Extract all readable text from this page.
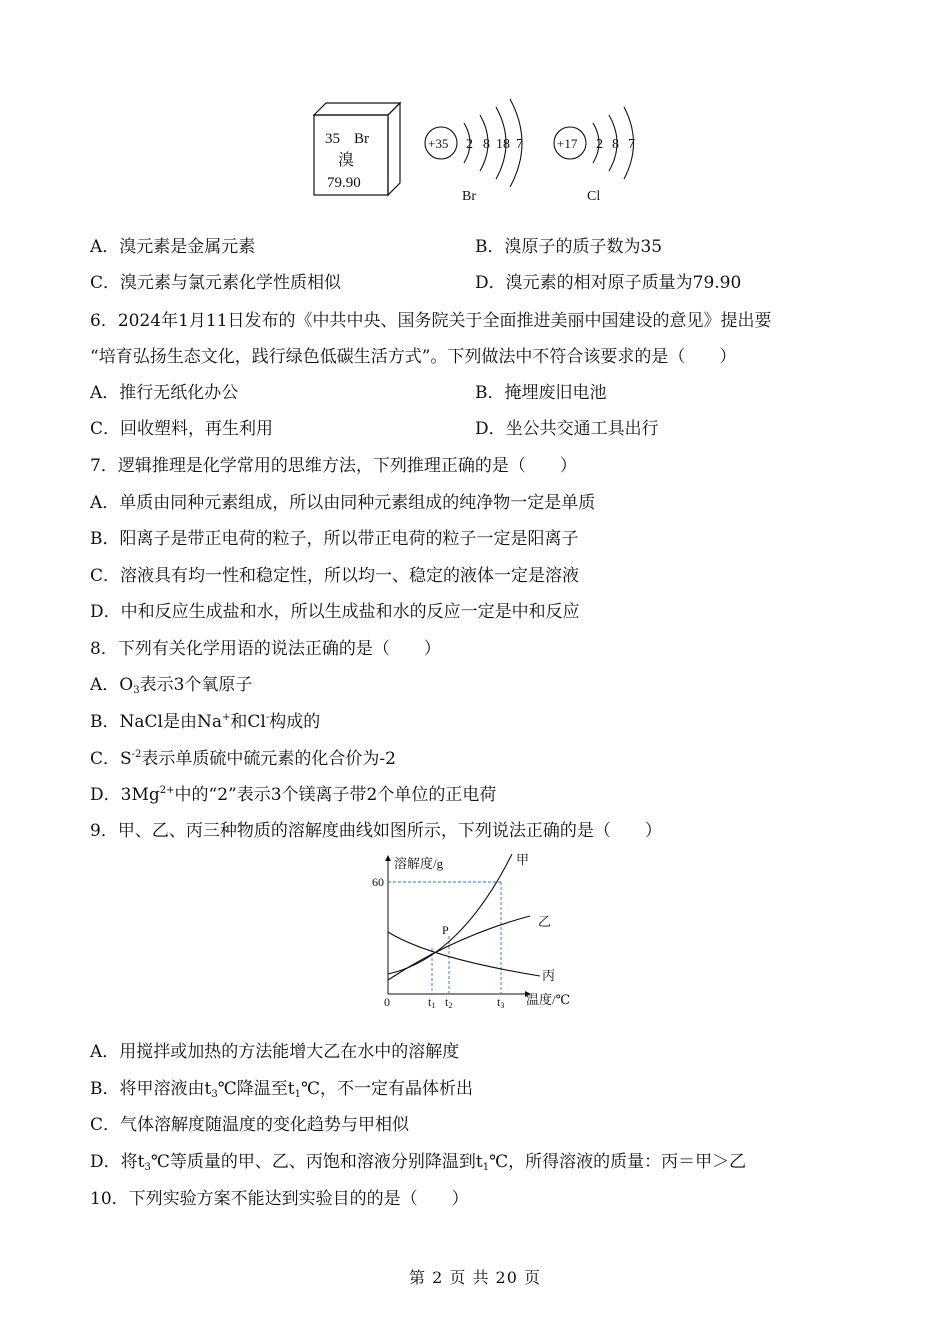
35 Br
溴
79.90
+35 2 8 18 7
Br
+17 2 8 7
Cl
A．溴元素是金属元素	B．溴原子的质子数为35
C．溴元素与氯元素化学性质相似	D．溴元素的相对原子质量为79.90
6．2024年1月11日发布的《中共中央、国务院关于全面推进美丽中国建设的意见》提出要
“培育弘扬生态文化，践行绿色低碳生活方式”。下列做法中不符合该要求的是（　　）
A．推行无纸化办公	B．掩埋废旧电池
C．回收塑料，再生利用	D．坐公共交通工具出行
7．逻辑推理是化学常用的思维方法，下列推理正确的是（　　）
A．单质由同种元素组成，所以由同种元素组成的纯净物一定是单质
B．阳离子是带正电荷的粒子，所以带正电荷的粒子一定是阳离子
C．溶液具有均一性和稳定性，所以均一、稳定的液体一定是溶液
D．中和反应生成盐和水，所以生成盐和水的反应一定是中和反应
8．下列有关化学用语的说法正确的是（　　）
A．$O_3$表示3个氧原子
B．NaCl是由Na+和Cl-构成的
C．$S^{-2}$表示单质硫中硫元素的化合价为-2
D．$3Mg^{2+}$中的“2”表示3个镁离子带2个单位的正电荷
9．甲、乙、丙三种物质的溶解度曲线如图所示，下列说法正确的是（　　）
溶解度/g	甲
乙
丙
60
0
P
t1 t2	t3 温度/℃
A．用搅拌或加热的方法能增大乙在水中的溶解度
B．将甲溶液由$t_3℃$降温至$t_1℃$，不一定有晶体析出
C．气体溶解度随温度的变化趋势与甲相似
D．将$t_3℃$等质量的甲、乙、丙饱和溶液分别降温到$t_1℃$，所得溶液的质量：丙＝甲＞乙
10．下列实验方案不能达到实验目的的是（　　）
第 2 页 共 20 页
